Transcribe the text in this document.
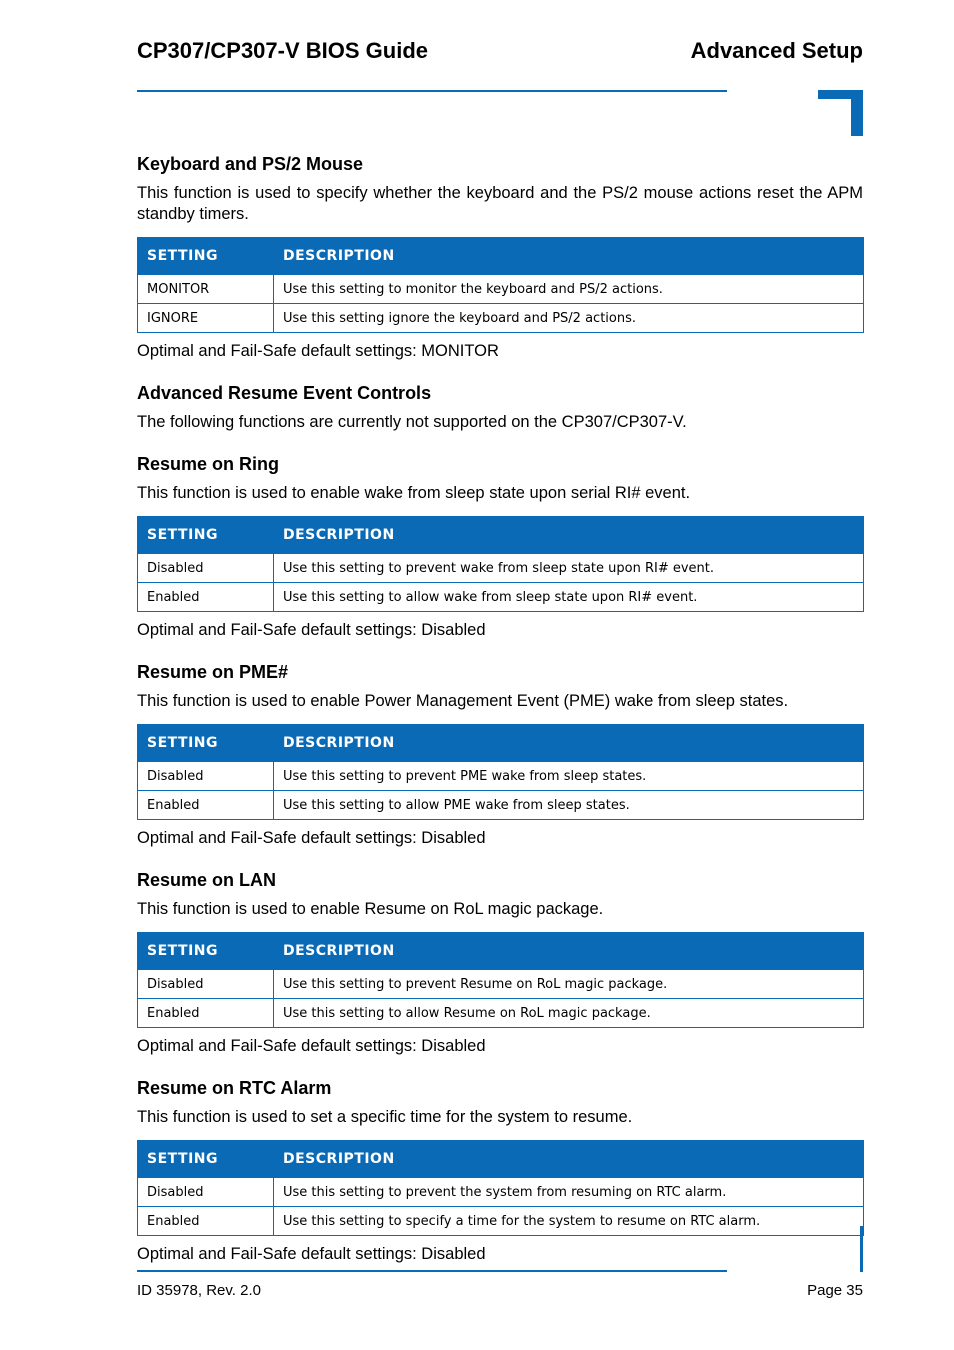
CP307/CP307-V BIOS Guide	Advanced Setup
Keyboard and PS/2 Mouse

This function is used to specify whether the keyboard and the PS/2 mouse actions reset the APM standby timers.

SETTING	DESCRIPTION
MONITOR	Use this setting to monitor the keyboard and PS/2 actions.
IGNORE	Use this setting ignore the keyboard and PS/2 actions.
Optimal and Fail-Safe default settings: MONITOR
Advanced Resume Event Controls

The following functions are currently not supported on the CP307/CP307-V.

Resume on Ring

This function is used to enable wake from sleep state upon serial RI# event.

SETTING	DESCRIPTION
Disabled	Use this setting to prevent wake from sleep state upon RI# event.
Enabled	Use this setting to allow wake from sleep state upon RI# event.
Optimal and Fail-Safe default settings: Disabled
Resume on PME#

This function is used to enable Power Management Event (PME) wake from sleep states.

SETTING	DESCRIPTION
Disabled	Use this setting to prevent PME wake from sleep states.
Enabled	Use this setting to allow PME wake from sleep states.
Optimal and Fail-Safe default settings: Disabled
Resume on LAN

This function is used to enable Resume on RoL magic package.

SETTING	DESCRIPTION
Disabled	Use this setting to prevent Resume on RoL magic package.
Enabled	Use this setting to allow Resume on RoL magic package.
Optimal and Fail-Safe default settings: Disabled
Resume on RTC Alarm

This function is used to set a specific time for the system to resume.

SETTING	DESCRIPTION
Disabled	Use this setting to prevent the system from resuming on RTC alarm.
Enabled	Use this setting to specify a time for the system to resume on RTC alarm.
Optimal and Fail-Safe default settings: Disabled
ID 35978, Rev. 2.0	Page 35
